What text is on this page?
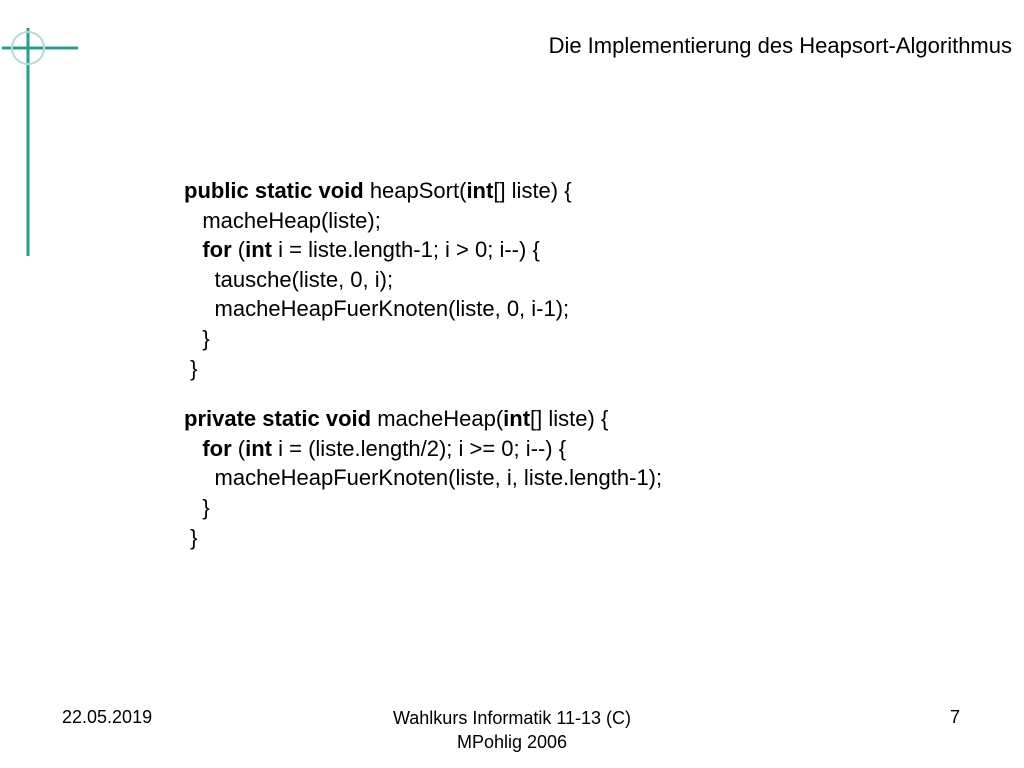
Die Implementierung des Heapsort-Algorithmus
public static void heapSort(int[] liste) {
macheHeap(liste);
for (int i = liste.length-1; i > 0; i--) {
tausche(liste, 0, i);
macheHeapFuerKnoten(liste, 0, i-1);
}
}
private static void macheHeap(int[] liste) {
for (int i = (liste.length/2); i >= 0; i--) {
macheHeapFuerKnoten(liste, i, liste.length-1);
}
}
22.05.2019	Wahlkurs Informatik 11-13 (C)
MPohlig 2006
7
